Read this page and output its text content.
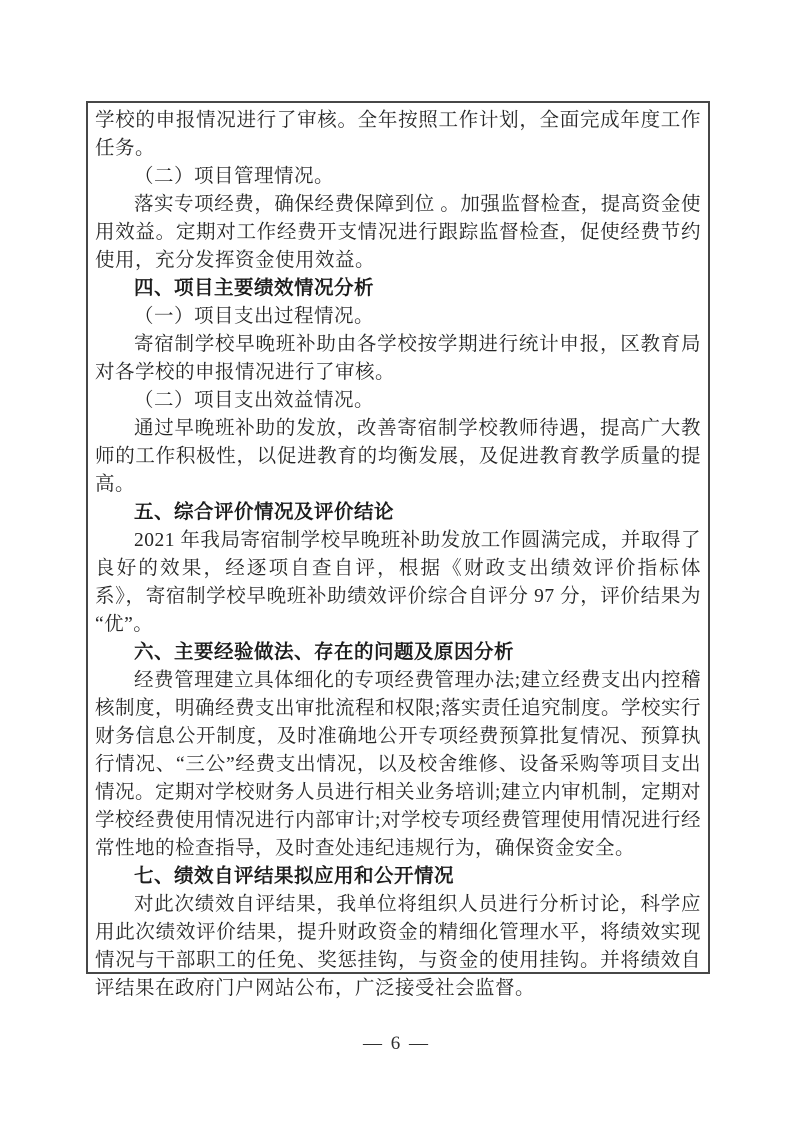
学校的申报情况进行了审核。全年按照工作计划，全面完成年度工作任务。

（二）项目管理情况。

落实专项经费，确保经费保障到位 。加强监督检查，提高资金使用效益。定期对工作经费开支情况进行跟踪监督检查，促使经费节约使用，充分发挥资金使用效益。

四、项目主要绩效情况分析

（一）项目支出过程情况。

寄宿制学校早晚班补助由各学校按学期进行统计申报，区教育局对各学校的申报情况进行了审核。

（二）项目支出效益情况。

通过早晚班补助的发放，改善寄宿制学校教师待遇，提高广大教师的工作积极性，以促进教育的均衡发展，及促进教育教学质量的提高。

五、综合评价情况及评价结论

2021 年我局寄宿制学校早晚班补助发放工作圆满完成，并取得了良好的效果，经逐项自查自评，根据《财政支出绩效评价指标体系》，寄宿制学校早晚班补助绩效评价综合自评分 97 分，评价结果为“优”。

六、主要经验做法、存在的问题及原因分析

经费管理建立具体细化的专项经费管理办法;建立经费支出内控稽核制度，明确经费支出审批流程和权限;落实责任追究制度。学校实行财务信息公开制度，及时准确地公开专项经费预算批复情况、预算执行情况、“三公”经费支出情况，以及校舍维修、设备采购等项目支出情况。定期对学校财务人员进行相关业务培训;建立内审机制，定期对学校经费使用情况进行内部审计;对学校专项经费管理使用情况进行经常性地的检查指导，及时查处违纪违规行为，确保资金安全。

七、绩效自评结果拟应用和公开情况

对此次绩效自评结果，我单位将组织人员进行分析讨论，科学应用此次绩效评价结果，提升财政资金的精细化管理水平，将绩效实现情况与干部职工的任免、奖惩挂钩，与资金的使用挂钩。并将绩效自评结果在政府门户网站公布，广泛接受社会监督。

— 6 —
